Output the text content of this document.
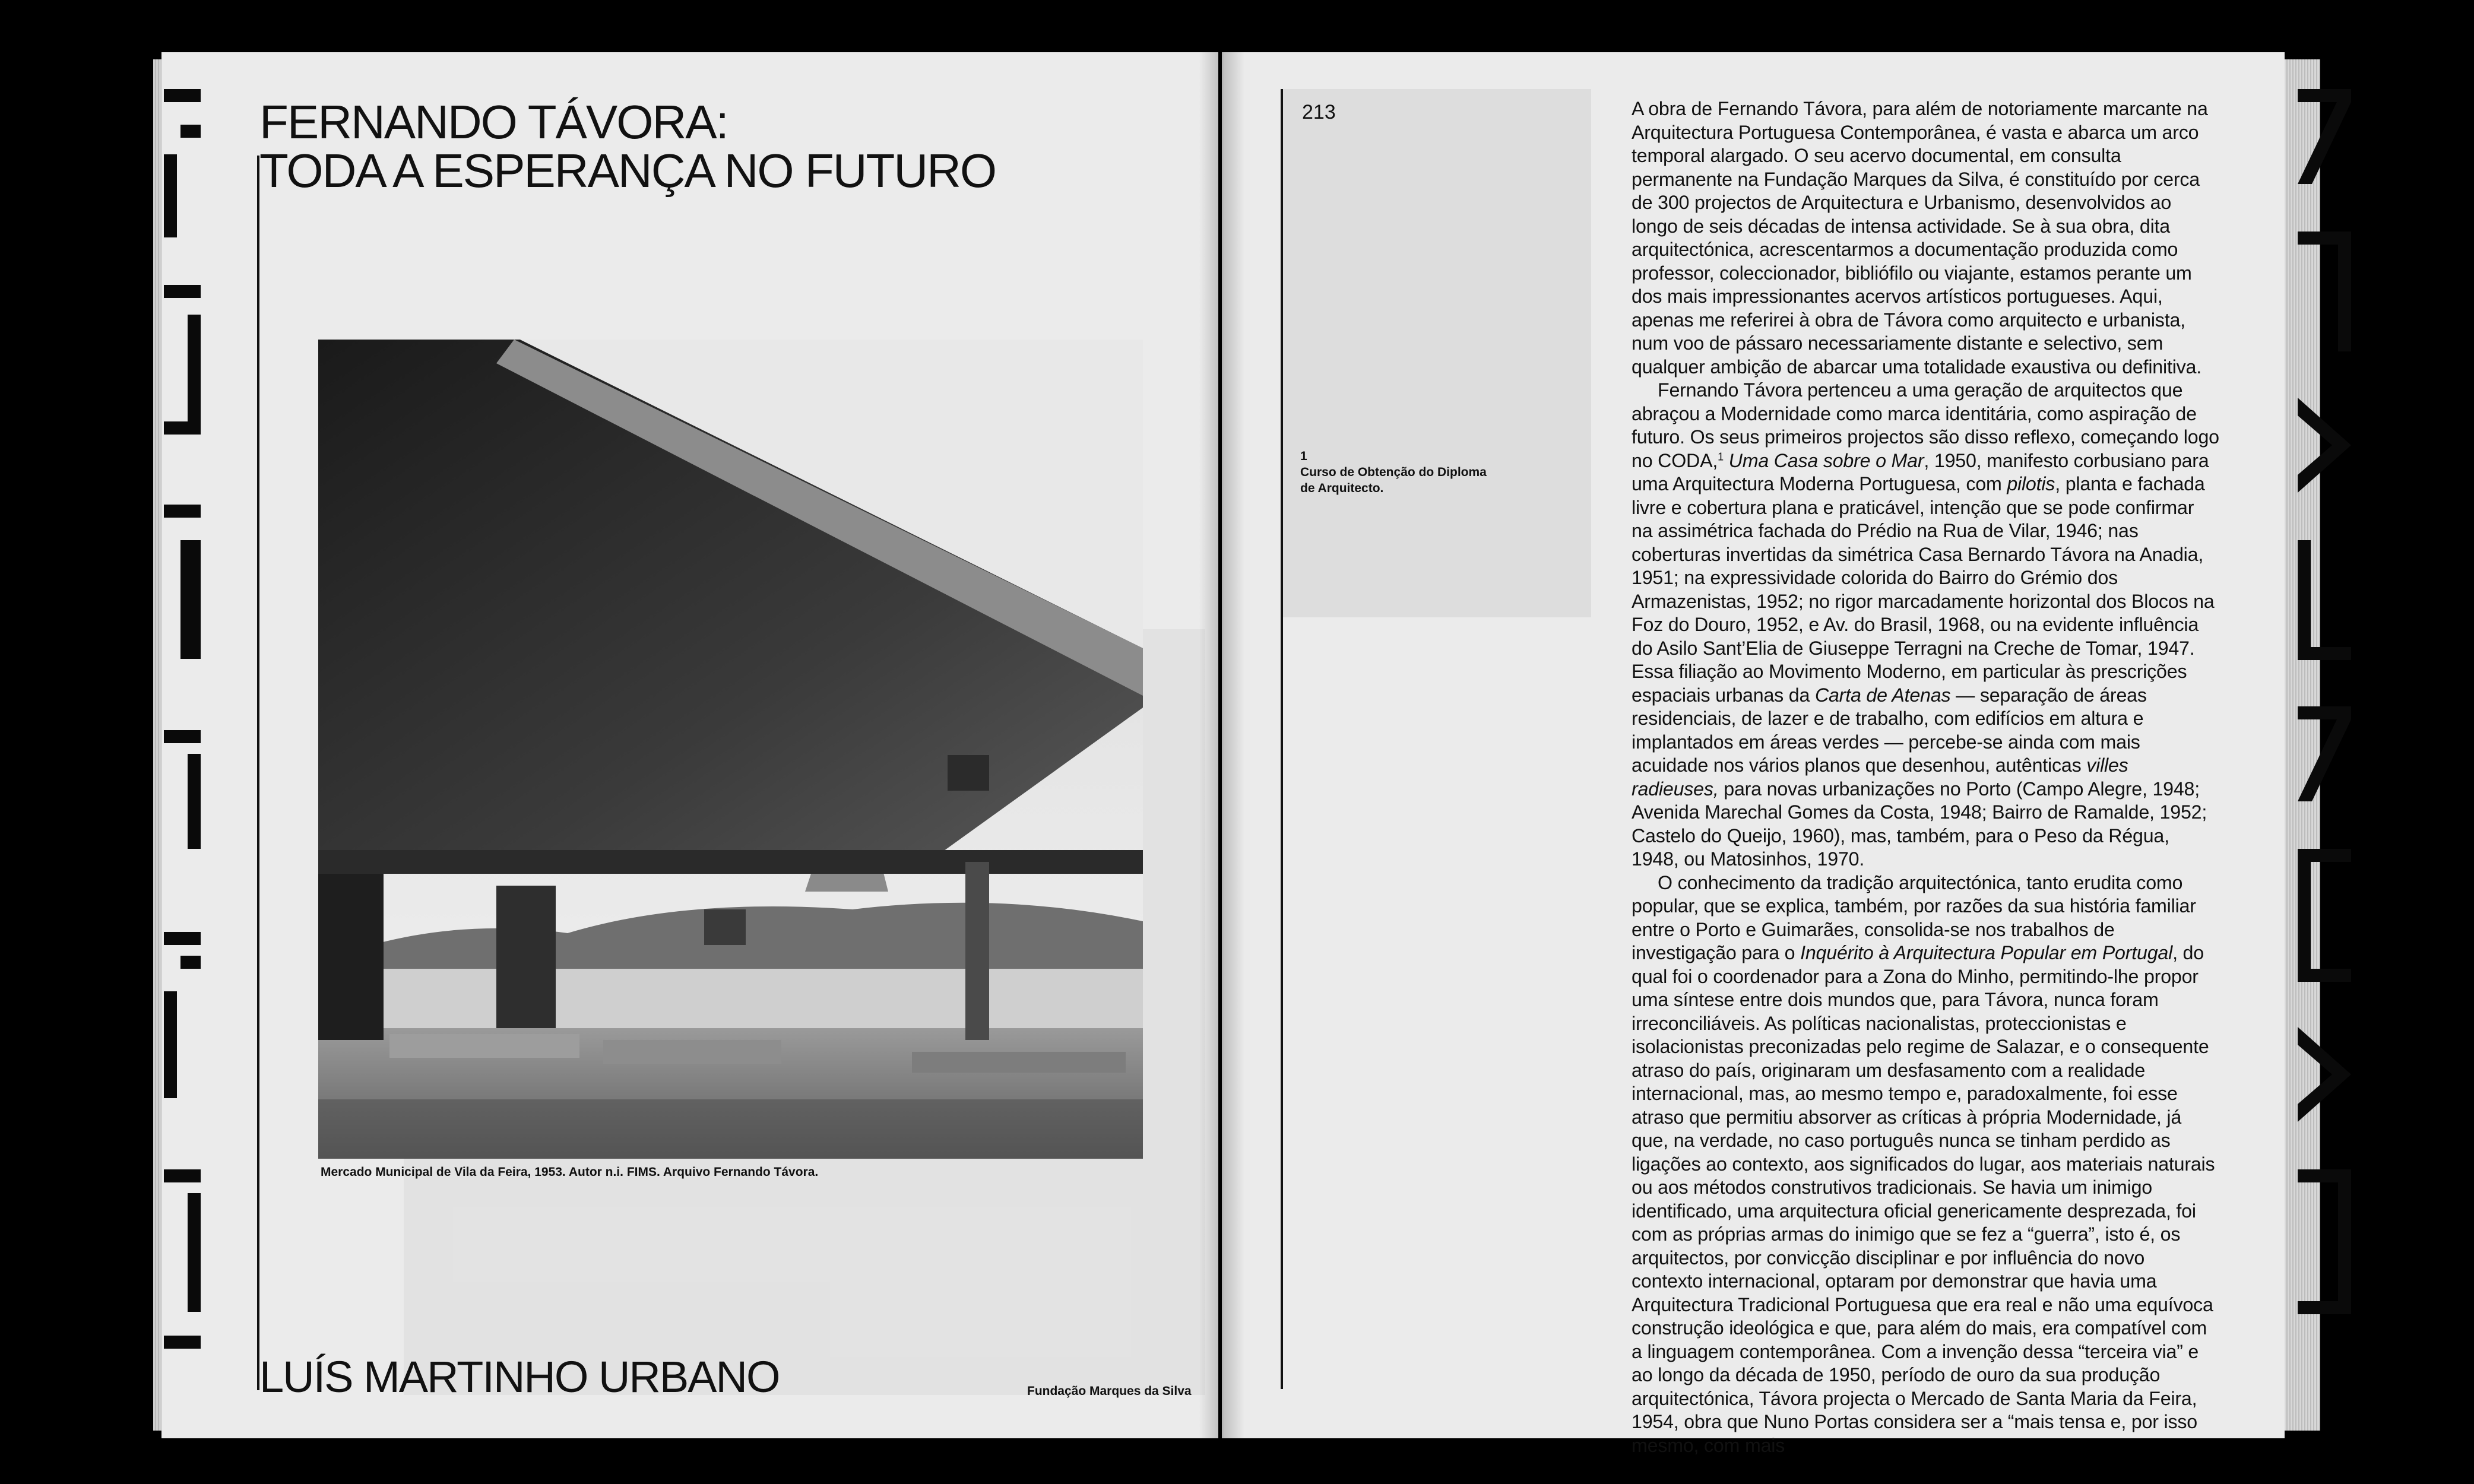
FERNANDO TÁVORA:
TODA A ESPERANÇA NO FUTURO
Mercado Municipal de Vila da Feira, 1953. Autor n.i. FIMS. Arquivo Fernando Távora.
LUÍS MARTINHO URBANO	Fundação Marques da Silva
213
1
Curso de Obtenção do Diploma de Arquitecto.

A obra de Fernando Távora, para além de notoriamente marcante na Arquitectura Portuguesa Contemporânea, é vasta e abarca um arco temporal alargado. O seu acervo documental, em consulta permanente na Fundação Marques da Silva, é constituído por cerca de 300 projectos de Arquitectura e Urbanismo, desenvolvidos ao longo de seis décadas de intensa actividade. Se à sua obra, dita arquitectónica, acrescentarmos a documentação produzida como professor, coleccionador, bibliófilo ou viajante, estamos perante um dos mais impressionantes acervos artísticos portugueses. Aqui, apenas me referirei à obra de Távora como arquitecto e urbanista, num voo de pássaro necessariamente distante e selectivo, sem qualquer ambição de abarcar uma totalidade exaustiva ou definitiva.

Fernando Távora pertenceu a uma geração de arquitectos que abraçou a Modernidade como marca identitária, como aspiração de futuro. Os seus primeiros projectos são disso reflexo, começando logo no CODA,$^1$ Uma Casa sobre o Mar, 1950, manifesto corbusiano para uma Arquitectura Moderna Portuguesa, com pilotis, planta e fachada livre e cobertura plana e praticável, intenção que se pode confirmar na assimétrica fachada do Prédio na Rua de Vilar, 1946; nas coberturas invertidas da simétrica Casa Bernardo Távora na Anadia, 1951; na expressividade colorida do Bairro do Grémio dos Armazenistas, 1952; no rigor marcadamente horizontal dos Blocos na Foz do Douro, 1952, e Av. do Brasil, 1968, ou na evidente influência do Asilo Sant’Elia de Giuseppe Terragni na Creche de Tomar, 1947. Essa filiação ao Movimento Moderno, em particular às prescrições espaciais urbanas da Carta de Atenas — separação de áreas residenciais, de lazer e de trabalho, com edifícios em altura e implantados em áreas verdes — percebe-se ainda com mais acuidade nos vários planos que desenhou, autênticas villes radieuses, para novas urbanizações no Porto (Campo Alegre, 1948; Avenida Marechal Gomes da Costa, 1948; Bairro de Ramalde, 1952; Castelo do Queijo, 1960), mas, também, para o Peso da Régua, 1948, ou Matosinhos, 1970.

O conhecimento da tradição arquitectónica, tanto erudita como popular, que se explica, também, por razões da sua história familiar entre o Porto e Guimarães, consolida-se nos trabalhos de investigação para o Inquérito à Arquitectura Popular em Portugal, do qual foi o coordenador para a Zona do Minho, permitindo-lhe propor uma síntese entre dois mundos que, para Távora, nunca foram irreconciliáveis. As políticas nacionalistas, proteccionistas e isolacionistas preconizadas pelo regime de Salazar, e o consequente atraso do país, originaram um desfasamento com a realidade internacional, mas, ao mesmo tempo e, paradoxalmente, foi esse atraso que permitiu absorver as críticas à própria Modernidade, já que, na verdade, no caso português nunca se tinham perdido as ligações ao contexto, aos significados do lugar, aos materiais naturais ou aos métodos construtivos tradicionais. Se havia um inimigo identificado, uma arquitectura oficial genericamente desprezada, foi com as próprias armas do inimigo que se fez a “guerra”, isto é, os arquitectos, por convicção disciplinar e por influência do novo contexto internacional, optaram por demonstrar que havia uma Arquitectura Tradicional Portuguesa que era real e não uma equívoca construção ideológica e que, para além do mais, era compatível com a linguagem contemporânea. Com a invenção dessa “terceira via” e ao longo da década de 1950, período de ouro da sua produção arquitectónica, Távora projecta o Mercado de Santa Maria da Feira, 1954, obra que Nuno Portas considera ser a “mais tensa e, por isso mesmo, com mais
